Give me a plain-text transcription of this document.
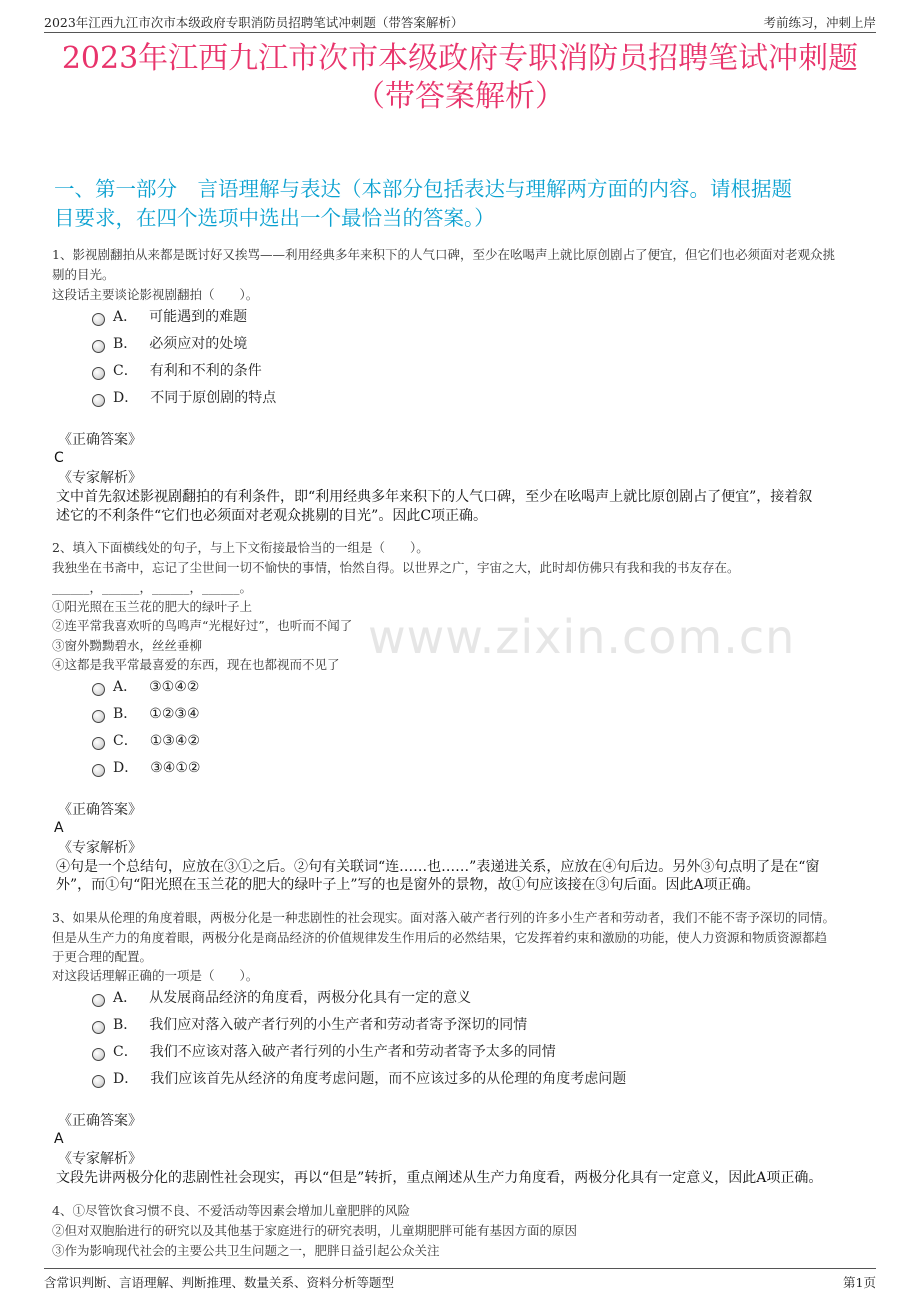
2023年江西九江市次市本级政府专职消防员招聘笔试冲刺题（带答案解析）	考前练习，冲刺上岸
2023年江西九江市次市本级政府专职消防员招聘笔试冲刺题
（带答案解析）
一、第一部分　言语理解与表达（本部分包括表达与理解两方面的内容。请根据题
目要求，在四个选项中选出一个最恰当的答案。）
www.zixin.com.cn
1、影视剧翻拍从来都是既讨好又挨骂——利用经典多年来积下的人气口碑，至少在吆喝声上就比原创剧占了便宜，但它们也必须面对老观众挑
剔的目光。
这段话主要谈论影视剧翻拍（　　）。
A． 可能遇到的难题
B． 必须应对的处境
C． 有利和不利的条件
D． 不同于原创剧的特点
《正确答案》
C
《专家解析》
文中首先叙述影视剧翻拍的有利条件，即“利用经典多年来积下的人气口碑，至少在吆喝声上就比原创剧占了便宜”，接着叙
述它的不利条件“它们也必须面对老观众挑剔的目光”。因此C项正确。
2、填入下面横线处的句子，与上下文衔接最恰当的一组是（　　）。
我独坐在书斋中，忘记了尘世间一切不愉快的事情，怡然自得。以世界之广，宇宙之大，此时却仿佛只有我和我的书友存在。
______，______，______，______。
①阳光照在玉兰花的肥大的绿叶子上
②连平常我喜欢听的鸟鸣声“光棍好过”，也听而不闻了
③窗外黝黝碧水，丝丝垂柳
④这都是我平常最喜爱的东西，现在也都视而不见了
A． ③①④②
B． ①②③④
C． ①③④②
D． ③④①②
《正确答案》
A
《专家解析》
④句是一个总结句，应放在③①之后。②句有关联词“连……也……”表递进关系，应放在④句后边。另外③句点明了是在“窗
外”，而①句“阳光照在玉兰花的肥大的绿叶子上”写的也是窗外的景物，故①句应该接在③句后面。因此A项正确。
3、如果从伦理的角度着眼，两极分化是一种悲剧性的社会现实。面对落入破产者行列的许多小生产者和劳动者，我们不能不寄予深切的同情。
但是从生产力的角度着眼，两极分化是商品经济的价值规律发生作用后的必然结果，它发挥着约束和激励的功能，使人力资源和物质资源都趋
于更合理的配置。
对这段话理解正确的一项是（　　）。
A． 从发展商品经济的角度看，两极分化具有一定的意义
B． 我们应对落入破产者行列的小生产者和劳动者寄予深切的同情
C． 我们不应该对落入破产者行列的小生产者和劳动者寄予太多的同情
D． 我们应该首先从经济的角度考虑问题，而不应该过多的从伦理的角度考虑问题
《正确答案》
A
《专家解析》
文段先讲两极分化的悲剧性社会现实，再以“但是”转折，重点阐述从生产力角度看，两极分化具有一定意义，因此A项正确。
4、①尽管饮食习惯不良、不爱活动等因素会增加儿童肥胖的风险
②但对双胞胎进行的研究以及其他基于家庭进行的研究表明，儿童期肥胖可能有基因方面的原因
③作为影响现代社会的主要公共卫生问题之一，肥胖日益引起公众关注
含常识判断、言语理解、判断推理、数量关系、资料分析等题型	第1页
